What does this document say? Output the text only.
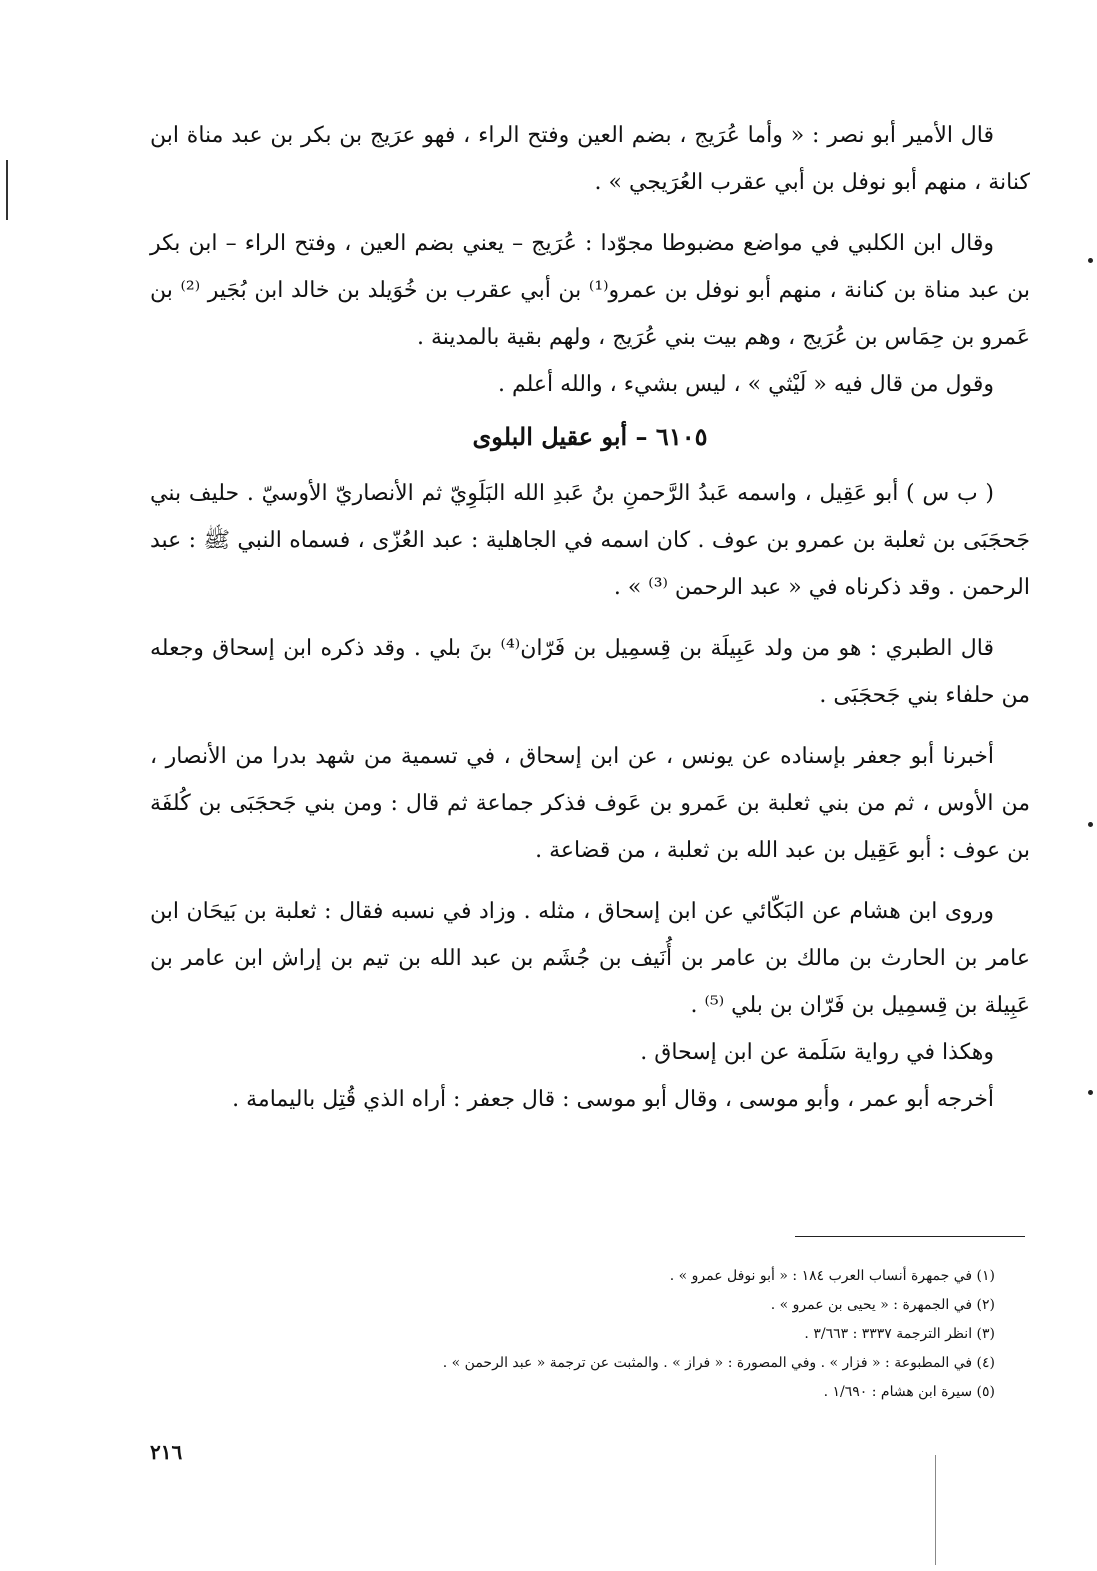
قال الأمير أبو نصر : « وأما عُرَيج ، بضم العين وفتح الراء ، فهو عرَيج بن بكر بن عبد مناة ابن كنانة ، منهم أبو نوفل بن أبي عقرب العُرَيجي » .

وقال ابن الكلبي في مواضع مضبوطا مجوّدا : عُرَيج – يعني بضم العين ، وفتح الراء – ابن بكر بن عبد مناة بن كنانة ، منهم أبو نوفل بن عمرو⁽¹⁾ بن أبي عقرب بن خُوَيلد بن خالد ابن بُجَير ⁽²⁾ بن عَمرو بن حِمَاس بن عُرَيج ، وهم بيت بني عُرَيج ، ولهم بقية بالمدينة .

وقول من قال فيه « لَيْثي » ، ليس بشيء ، والله أعلم .

٦١٠٥ – أبو عقيل البلوى

( ب س ) أبو عَقِيل ، واسمه عَبدُ الرَّحمنِ بنُ عَبدِ الله البَلَوِيّ ثم الأنصاريّ الأوسيّ . حليف بني جَحجَبَى بن ثعلبة بن عمرو بن عوف . كان اسمه في الجاهلية : عبد العُزّى ، فسماه النبي ﷺ : عبد الرحمن . وقد ذكرناه في « عبد الرحمن ⁽³⁾ » .

قال الطبري : هو من ولد عَبِيلَة بن قِسمِيل بن فَرّان⁽⁴⁾ بنَ بلي . وقد ذكره ابن إسحاق وجعله من حلفاء بني جَحجَبَى .

أخبرنا أبو جعفر بإسناده عن يونس ، عن ابن إسحاق ، في تسمية من شهد بدرا من الأنصار ، من الأوس ، ثم من بني ثعلبة بن عَمرو بن عَوف فذكر جماعة ثم قال : ومن بني جَحجَبَى بن كُلفَة بن عوف : أبو عَقِيل بن عبد الله بن ثعلبة ، من قضاعة .

وروى ابن هشام عن البَكّائي عن ابن إسحاق ، مثله . وزاد في نسبه فقال : ثعلبة بن بَيحَان ابن عامر بن الحارث بن مالك بن عامر بن أُنَيف بن جُشَم بن عبد الله بن تيم بن إراش ابن عامر بن عَبِيلة بن قِسمِيل بن فَرّان بن بلي ⁽⁵⁾ .

وهكذا في رواية سَلَمة عن ابن إسحاق .

أخرجه أبو عمر ، وأبو موسى ، وقال أبو موسى : قال جعفر : أراه الذي قُتِل باليمامة .

(١) في جمهرة أنساب العرب ١٨٤ : « أبو نوفل عمرو » .
(٢) في الجمهرة : « يحيى بن عمرو » .
(٣) انظر الترجمة ٣٣٣٧ : ٣/٦٦٣ .
(٤) في المطبوعة : « فزار » . وفي المصورة : « فراز » . والمثبت عن ترجمة « عبد الرحمن » .
(٥) سيرة ابن هشام : ١/٦٩٠ .
٢١٦
